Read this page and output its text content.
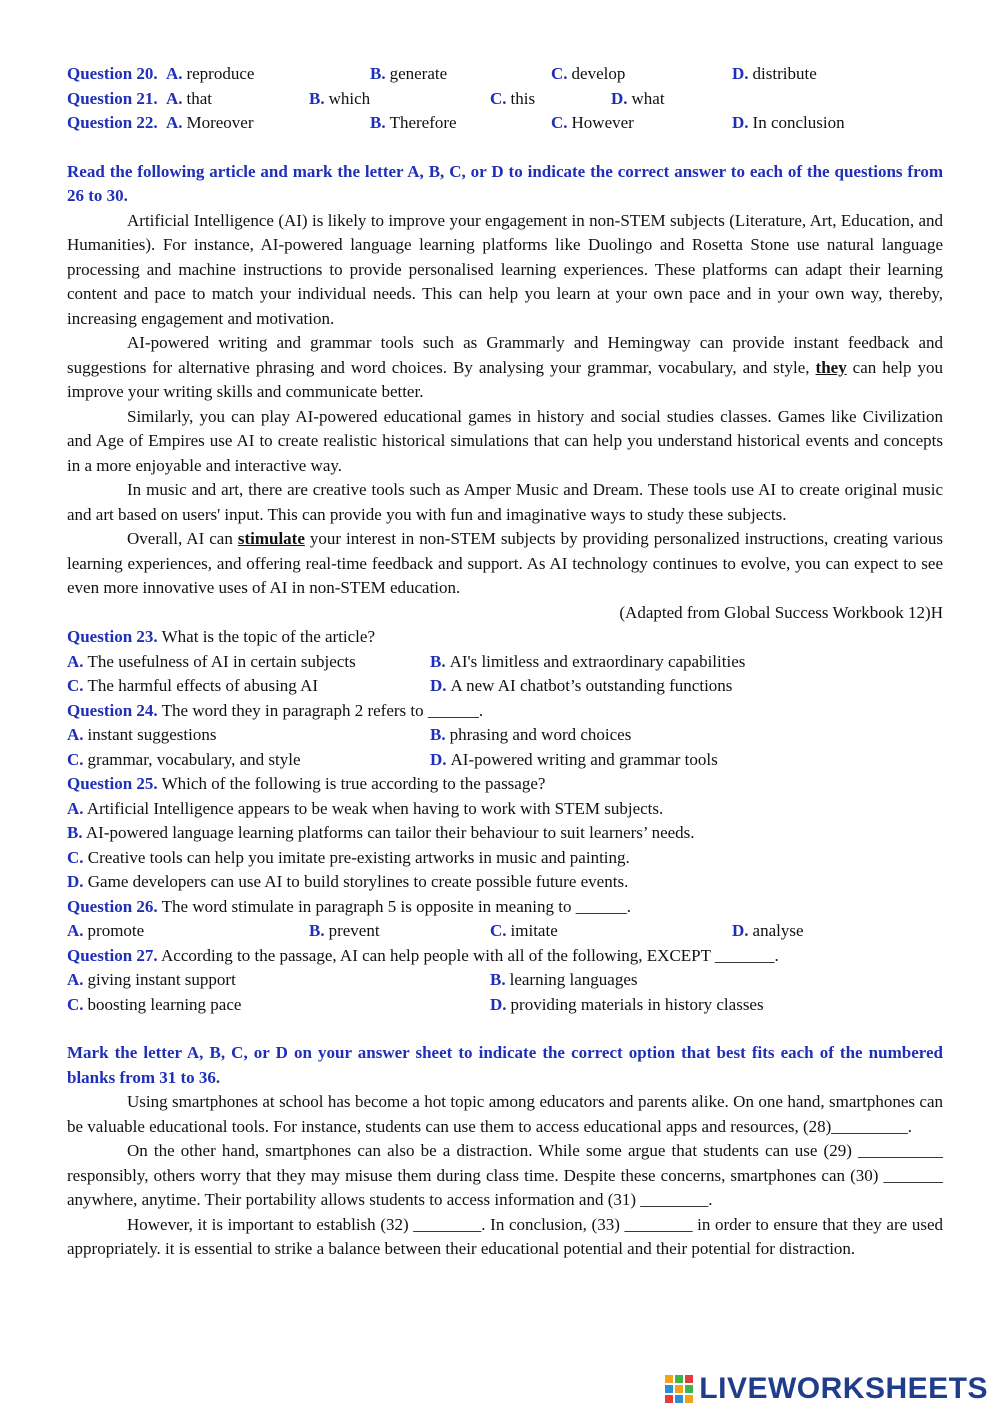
Question 20. A. reproduce	B. generate	C. develop	D. distribute
Question 21. A. that	B. which	C. this	D. what
Question 22. A. Moreover	B. Therefore	C. However	D. In conclusion
Read the following article and mark the letter A, B, C, or D to indicate the correct answer to each of the questions from 26 to 30.

Artificial Intelligence (AI) is likely to improve your engagement in non-STEM subjects (Literature, Art, Education, and Humanities). For instance, AI-powered language learning platforms like Duolingo and Rosetta Stone use natural language processing and machine instructions to provide personalised learning experiences. These platforms can adapt their learning content and pace to match your individual needs. This can help you learn at your own pace and in your own way, thereby, increasing engagement and motivation.

AI-powered writing and grammar tools such as Grammarly and Hemingway can provide instant feedback and suggestions for alternative phrasing and word choices. By analysing your grammar, vocabulary, and style, they can help you improve your writing skills and communicate better.

Similarly, you can play AI-powered educational games in history and social studies classes. Games like Civilization and Age of Empires use AI to create realistic historical simulations that can help you understand historical events and concepts in a more enjoyable and interactive way.

In music and art, there are creative tools such as Amper Music and Dream. These tools use AI to create original music and art based on users' input. This can provide you with fun and imaginative ways to study these subjects.

Overall, AI can stimulate your interest in non-STEM subjects by providing personalized instructions, creating various learning experiences, and offering real-time feedback and support. As AI technology continues to evolve, you can expect to see even more innovative uses of AI in non-STEM education.

(Adapted from Global Success Workbook 12)H
Question 23. What is the topic of the article?
A. The usefulness of AI in certain subjects	B. AI's limitless and extraordinary capabilities
C. The harmful effects of abusing AI	D. A new AI chatbot’s outstanding functions
Question 24. The word they in paragraph 2 refers to ______.
A. instant suggestions	B. phrasing and word choices
C. grammar, vocabulary, and style	D. AI-powered writing and grammar tools
Question 25. Which of the following is true according to the passage?
A. Artificial Intelligence appears to be weak when having to work with STEM subjects.
B. AI-powered language learning platforms can tailor their behaviour to suit learners’ needs.
C. Creative tools can help you imitate pre-existing artworks in music and painting.
D. Game developers can use AI to build storylines to create possible future events.
Question 26. The word stimulate in paragraph 5 is opposite in meaning to ______.
A. promote	B. prevent	C. imitate	D. analyse
Question 27. According to the passage, AI can help people with all of the following, EXCEPT _______.
A. giving instant support	B. learning languages
C. boosting learning pace	D. providing materials in history classes
Mark the letter A, B, C, or D on your answer sheet to indicate the correct option that best fits each of the numbered blanks from 31 to 36.

Using smartphones at school has become a hot topic among educators and parents alike. On one hand, smartphones can be valuable educational tools. For instance, students can use them to access educational apps and resources, (28)_________.

On the other hand, smartphones can also be a distraction. While some argue that students can use (29) __________ responsibly, others worry that they may misuse them during class time. Despite these concerns, smartphones can (30) _______ anywhere, anytime. Their portability allows students to access information and (31) ________.

However, it is important to establish (32) ________. In conclusion, (33) ________ in order to ensure that they are used appropriately. it is essential to strike a balance between their educational potential and their potential for distraction.

LIVEWORKSHEETS
